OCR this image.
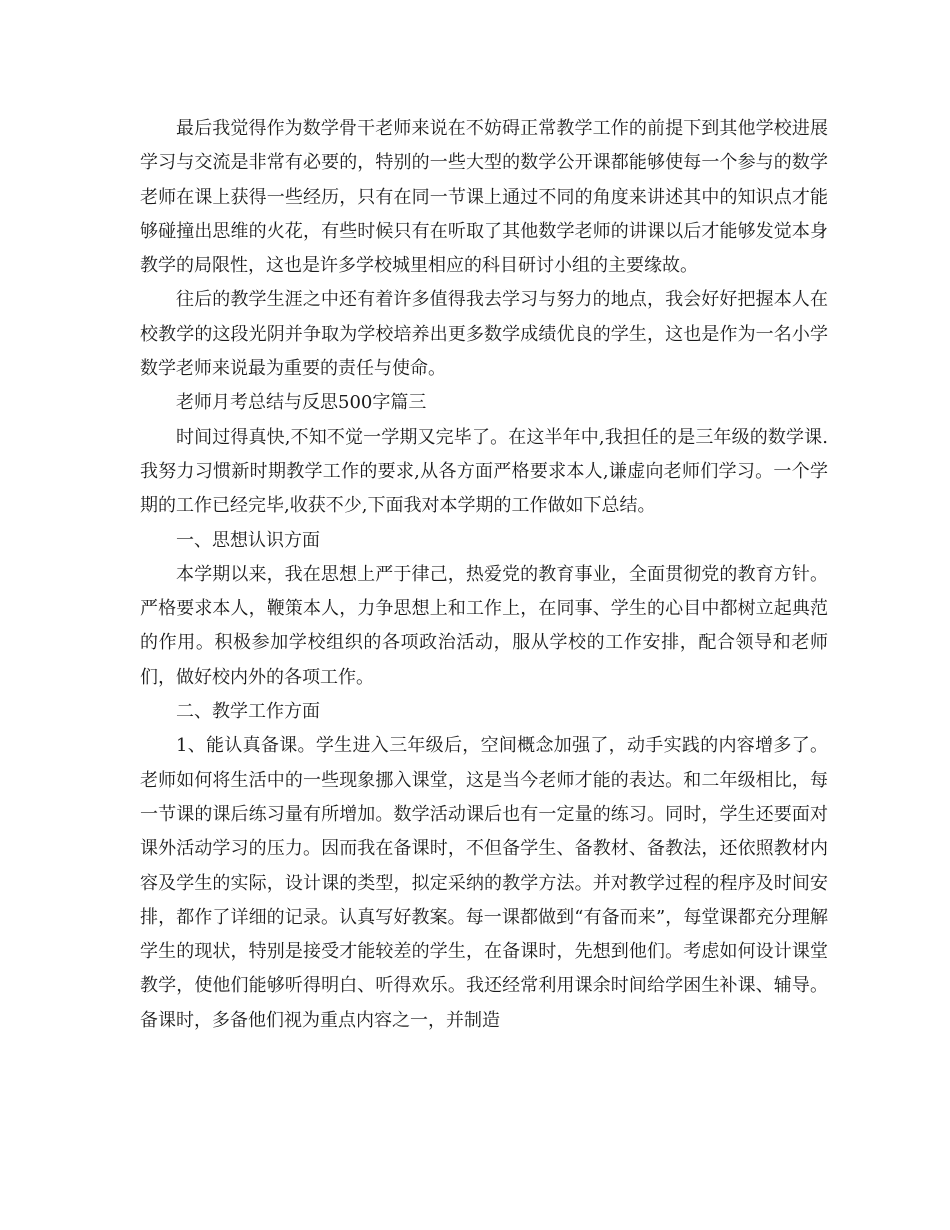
最后我觉得作为数学骨干老师来说在不妨碍正常教学工作的前提下到其他学校进展学习与交流是非常有必要的，特别的一些大型的数学公开课都能够使每一个参与的数学老师在课上获得一些经历，只有在同一节课上通过不同的角度来讲述其中的知识点才能够碰撞出思维的火花，有些时候只有在听取了其他数学老师的讲课以后才能够发觉本身教学的局限性，这也是许多学校城里相应的科目研讨小组的主要缘故。

往后的教学生涯之中还有着许多值得我去学习与努力的地点，我会好好把握本人在校教学的这段光阴并争取为学校培养出更多数学成绩优良的学生，这也是作为一名小学数学老师来说最为重要的责任与使命。

老师月考总结与反思500字篇三

时间过得真快,不知不觉一学期又完毕了。在这半年中,我担任的是三年级的数学课.我努力习惯新时期教学工作的要求,从各方面严格要求本人,谦虚向老师们学习。一个学期的工作已经完毕,收获不少,下面我对本学期的工作做如下总结。

一、思想认识方面

本学期以来，我在思想上严于律己，热爱党的教育事业，全面贯彻党的教育方针。严格要求本人，鞭策本人，力争思想上和工作上，在同事、学生的心目中都树立起典范的作用。积极参加学校组织的各项政治活动，服从学校的工作安排，配合领导和老师们，做好校内外的各项工作。

二、教学工作方面

1、能认真备课。学生进入三年级后，空间概念加强了，动手实践的内容增多了。老师如何将生活中的一些现象挪入课堂，这是当今老师才能的表达。和二年级相比，每一节课的课后练习量有所增加。数学活动课后也有一定量的练习。同时，学生还要面对课外活动学习的压力。因而我在备课时，不但备学生、备教材、备教法，还依照教材内容及学生的实际，设计课的类型，拟定采纳的教学方法。并对教学过程的程序及时间安排，都作了详细的记录。认真写好教案。每一课都做到“有备而来”，每堂课都充分理解学生的现状，特别是接受才能较差的学生，在备课时，先想到他们。考虑如何设计课堂教学，使他们能够听得明白、听得欢乐。我还经常利用课余时间给学困生补课、辅导。备课时，多备他们视为重点内容之一，并制造
